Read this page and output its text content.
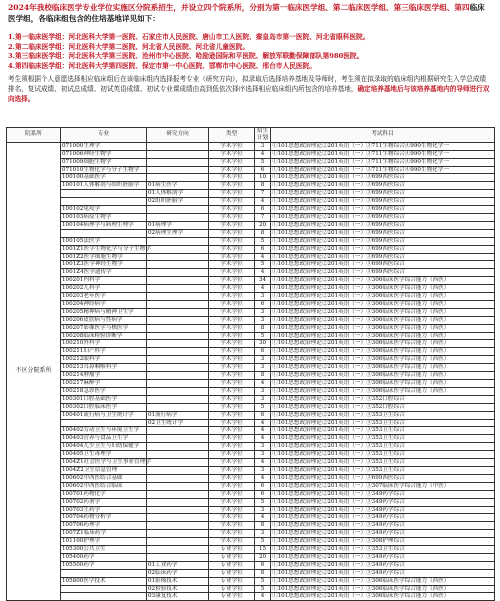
2024年我校临床医学专业学位实施区分院系招生，并设立四个院系所，分别为第一临床医学组、第二临床医学组、第三临床医学组、第四临床医学组，各临床组包含的住培基地详见如下：
1.第一临床医学组：河北医科大学第一医院、石家庄市人民医院、唐山市工人医院、秦皇岛市第一医院、河北省眼科医院。
2.第二临床医学组：河北医科大学第二医院、河北省人民医院、河北省儿童医院。
3.第三临床医学组：河北医科大学第三医院、沧州市中心医院、哈励逊国际和平医院、解放军联勤保障部队第980医院。
4.第四临床医学组：河北医科大学第四医院、保定市第一中心医院、邯郸市中心医院、邢台市人民医院。
考生须根据个人意愿选择相应临床组后在该临床组内选择报考专业（研究方向），拟录取后选择培养基地及导师时，考生须在拟录取的临床组内根据研究生入学总成绩排名，复试成绩、初试总成绩、初试英语成绩、初试专业课成绩由高到低依次择序选择相应临床组内所包含的培养基地，确定培养基地后与该培养基地内的导师进行双向选择。
院系所	专业	研究方向	类型	招生计划	考试科目
不区分院系所	071000生理学		学术学位	3	①101思想政治理论②201英语（一）③711生物综合④990生物化学一
	071006神经生物学		学术学位	4	①101思想政治理论②201英语（一）③711生物综合④990生物化学一
	071009细胞生物学		学术学位	5	①101思想政治理论②201英语（一）③711生物综合④990生物化学一
	071010生物化学与分子生物学		学术学位	6	①101思想政治理论②201英语（一）③711生物综合④990生物化学一
	100100基础医学		学术学位	10	①101思想政治理论②201英语（一）③699西医综合
	100101人体解剖与组织胚胎学	01病生医学	学术学位	8	①101思想政治理论②201英语（一）③699西医综合
		01人体解剖学	学术学位	7	①101思想政治理论②201英语（一）③699西医综合
		02组织胚胎学	学术学位	4	①101思想政治理论②201英语（一）③699西医综合
	100102免疫学		学术学位	6	①101思想政治理论②201英语（一）③699西医综合
	100103病原生物学		学术学位	7	①101思想政治理论②201英语（一）③699西医综合
	100104病理学与病理生理学	01病理学	学术学位	20	①101思想政治理论②201英语（一）③699西医综合
		02病理生理学	学术学位	8	①101思想政治理论②201英语（一）③699西医综合
	100105法医学		学术学位	5	①101思想政治理论②201英语（一）③699西医综合
	1001Z1医学生物化学与分子生物学		学术学位	6	①101思想政治理论②201英语（一）③699西医综合
	1001Z2医学细胞生物学		学术学位	4	①101思想政治理论②201英语（一）③699西医综合
	1001Z3医学神经生物学		学术学位	5	①101思想政治理论②201英语（一）③699西医综合
	1001Z4医学遗传学		学术学位	4	①101思想政治理论②201英语（一）③699西医综合
	100201内科学		学术学位	34	①101思想政治理论②201英语（一）③306临床医学综合能力（西医）
	100202儿科学		学术学位	4	①101思想政治理论②201英语（一）③306临床医学综合能力（西医）
	100203老年医学		学术学位	3	①101思想政治理论②201英语（一）③306临床医学综合能力（西医）
	100204神经病学		学术学位	6	①101思想政治理论②201英语（一）③306临床医学综合能力（西医）
	100205精神病与精神卫生学		学术学位	3	①101思想政治理论②201英语（一）③306临床医学综合能力（西医）
	100206皮肤病与性病学		学术学位	3	①101思想政治理论②201英语（一）③306临床医学综合能力（西医）
	100207影像医学与核医学		学术学位	8	①101思想政治理论②201英语（一）③306临床医学综合能力（西医）
	100208临床检验诊断学		学术学位	5	①101思想政治理论②201英语（一）③306临床医学综合能力（西医）
	100210外科学		学术学位	30	①101思想政治理论②201英语（一）③306临床医学综合能力（西医）
	100211妇产科学		学术学位	6	①101思想政治理论②201英语（一）③306临床医学综合能力（西医）
	100212眼科学		学术学位	3	①101思想政治理论②201英语（一）③306临床医学综合能力（西医）
	100213耳鼻咽喉科学		学术学位	3	①101思想政治理论②201英语（一）③306临床医学综合能力（西医）
	100214肿瘤学		学术学位	8	①101思想政治理论②201英语（一）③306临床医学综合能力（西医）
	100217麻醉学		学术学位	4	①101思想政治理论②201英语（一）③306临床医学综合能力（西医）
	100218急诊医学		学术学位	3	①101思想政治理论②201英语（一）③306临床医学综合能力（西医）
	100301口腔基础医学		学术学位	3	①101思想政治理论②201英语（一）③352口腔综合
	100302口腔临床医学		学术学位	5	①101思想政治理论②201英语（一）③352口腔综合
	100401流行病与卫生统计学	01流行病学	学术学位	6	①101思想政治理论②201英语（一）③353卫生综合
		02卫生统计学	学术学位	4	①101思想政治理论②201英语（一）③353卫生综合
	100402劳动卫生与环境卫生学		学术学位	4	①101思想政治理论②201英语（一）③353卫生综合
	100403营养与食品卫生学		学术学位	4	①101思想政治理论②201英语（一）③353卫生综合
	100404儿少卫生与妇幼保健学		学术学位	3	①101思想政治理论②201英语（一）③353卫生综合
	100405卫生毒理学		学术学位	3	①101思想政治理论②201英语（一）③353卫生综合
	1004Z1社会医学与卫生事业管理学		学术学位	4	①101思想政治理论②201英语（一）③353卫生综合
	1004Z2卫生信息管理		学术学位	3	①101思想政治理论②201英语（一）③353卫生综合
	100602中西医结合基础		学术学位	4	①101思想政治理论②201英语（一）③699西医综合
	100602中西医结合临床		学术学位	6	①101思想政治理论②201英语（一）③307临床医学综合能力（中医）
	100701药物化学		学术学位	6	①101思想政治理论②201英语（一）③349药学综合
	100702药剂学		学术学位	5	①101思想政治理论②201英语（一）③349药学综合
	100703生药学		学术学位	3	①101思想政治理论②201英语（一）③349药学综合
	100704药物分析学		学术学位	4	①101思想政治理论②201英语（一）③349药学综合
	100706药理学		学术学位	8	①101思想政治理论②201英语（一）③349药学综合
	1007Z1临床药学		学术学位	3	①101思想政治理论②201英语（一）③349药学综合
	101100护理学		学术学位	5	①101思想政治理论②201英语（一）③308护理综合
	105300公共卫生		专业学位	15	①101思想政治理论②201英语（一）③353卫生综合
	105400药学		专业学位	20	①101思想政治理论②201英语（一）③349药学综合
	105500药学	01工业药学	专业学位	6	①101思想政治理论②201英语（一）③349药学综合
		02临床药学	专业学位	8	①101思想政治理论②201英语（一）③349药学综合
	105800医学技术	01影像技术	专业学位	5	①101思想政治理论②201英语（一）③306临床医学综合能力（西医）
		02检验技术	专业学位	5	①101思想政治理论②201英语（一）③306临床医学综合能力（西医）
		03康复技术	专业学位	4	①101思想政治理论②201英语（一）③306临床医学综合能力（西医）
